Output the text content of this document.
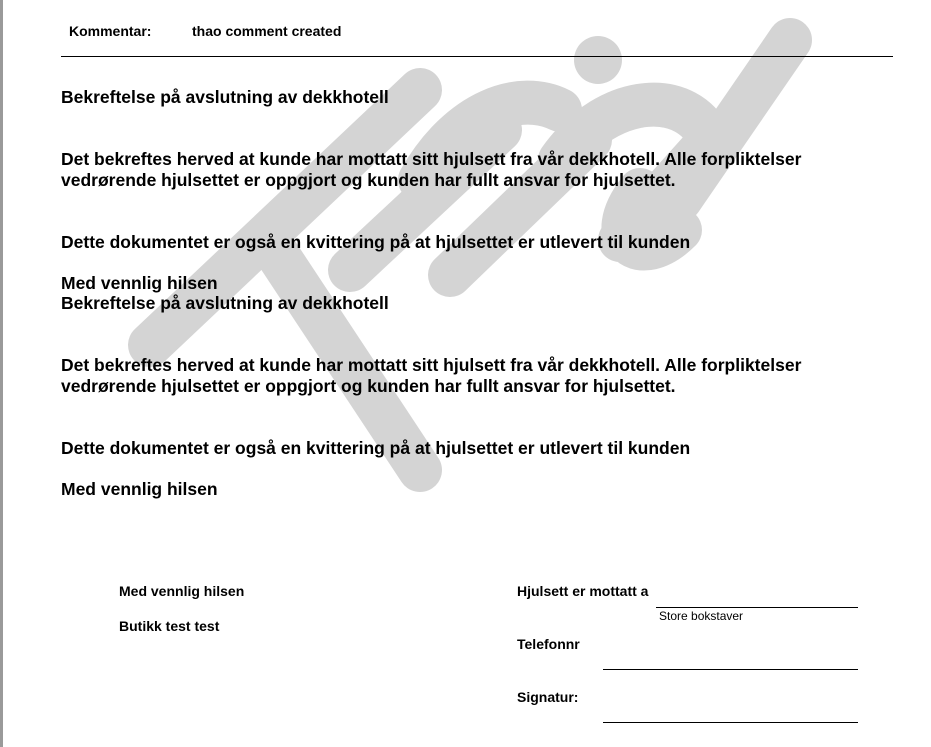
Kommentar:	thao comment created
Bekreftelse på avslutning av dekkhotell
Det bekreftes herved at kunde har mottatt sitt hjulsett fra vår dekkhotell. Alle forpliktelser
vedrørende hjulsettet er oppgjort og kunden har fullt ansvar for hjulsettet.
Dette dokumentet er også en kvittering på at hjulsettet er utlevert til kunden
Med vennlig hilsen
Bekreftelse på avslutning av dekkhotell
Det bekreftes herved at kunde har mottatt sitt hjulsett fra vår dekkhotell. Alle forpliktelser
vedrørende hjulsettet er oppgjort og kunden har fullt ansvar for hjulsettet.
Dette dokumentet er også en kvittering på at hjulsettet er utlevert til kunden
Med vennlig hilsen
Med vennlig hilsen
Butikk test test
Hjulsett er mottatt a
Store bokstaver
Telefonnr
Signatur:
